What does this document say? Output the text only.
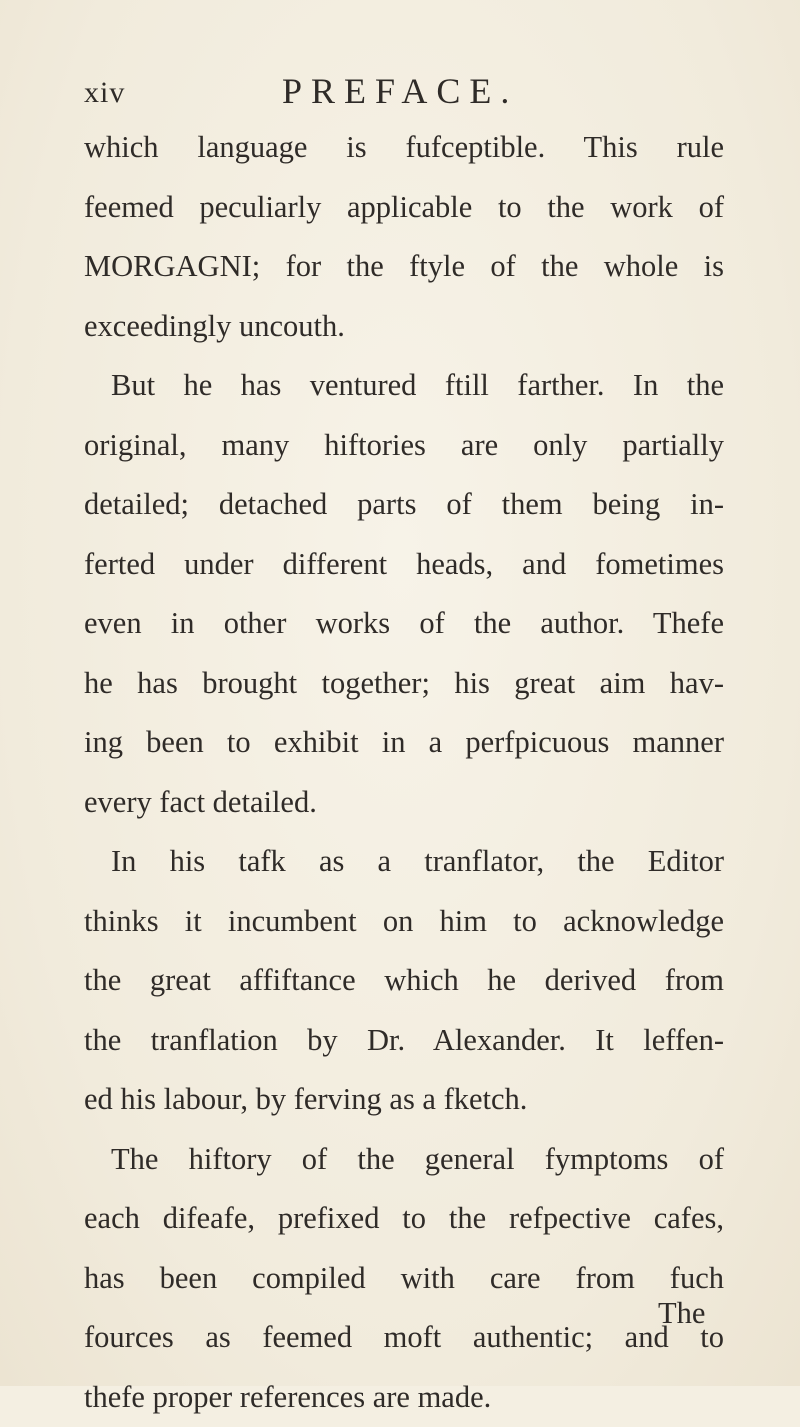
xiv	PREFACE.
which language is fufceptible. This rule
feemed peculiarly applicable to the work of
MORGAGNI; for the ftyle of the whole is
exceedingly uncouth.
But he has ventured ftill farther. In the
original, many hiftories are only partially
detailed; detached parts of them being in-
ferted under different heads, and fometimes
even in other works of the author. Thefe
he has brought together; his great aim hav-
ing been to exhibit in a perfpicuous manner
every fact detailed.
In his tafk as a tranflator, the Editor
thinks it incumbent on him to acknowledge
the great affiftance which he derived from
the tranflation by Dr. Alexander. It leffen-
ed his labour, by ferving as a fketch.
The hiftory of the general fymptoms of
each difeafe, prefixed to the refpective cafes,
has been compiled with care from fuch
fources as feemed moft authentic; and to
thefe proper references are made.
The
